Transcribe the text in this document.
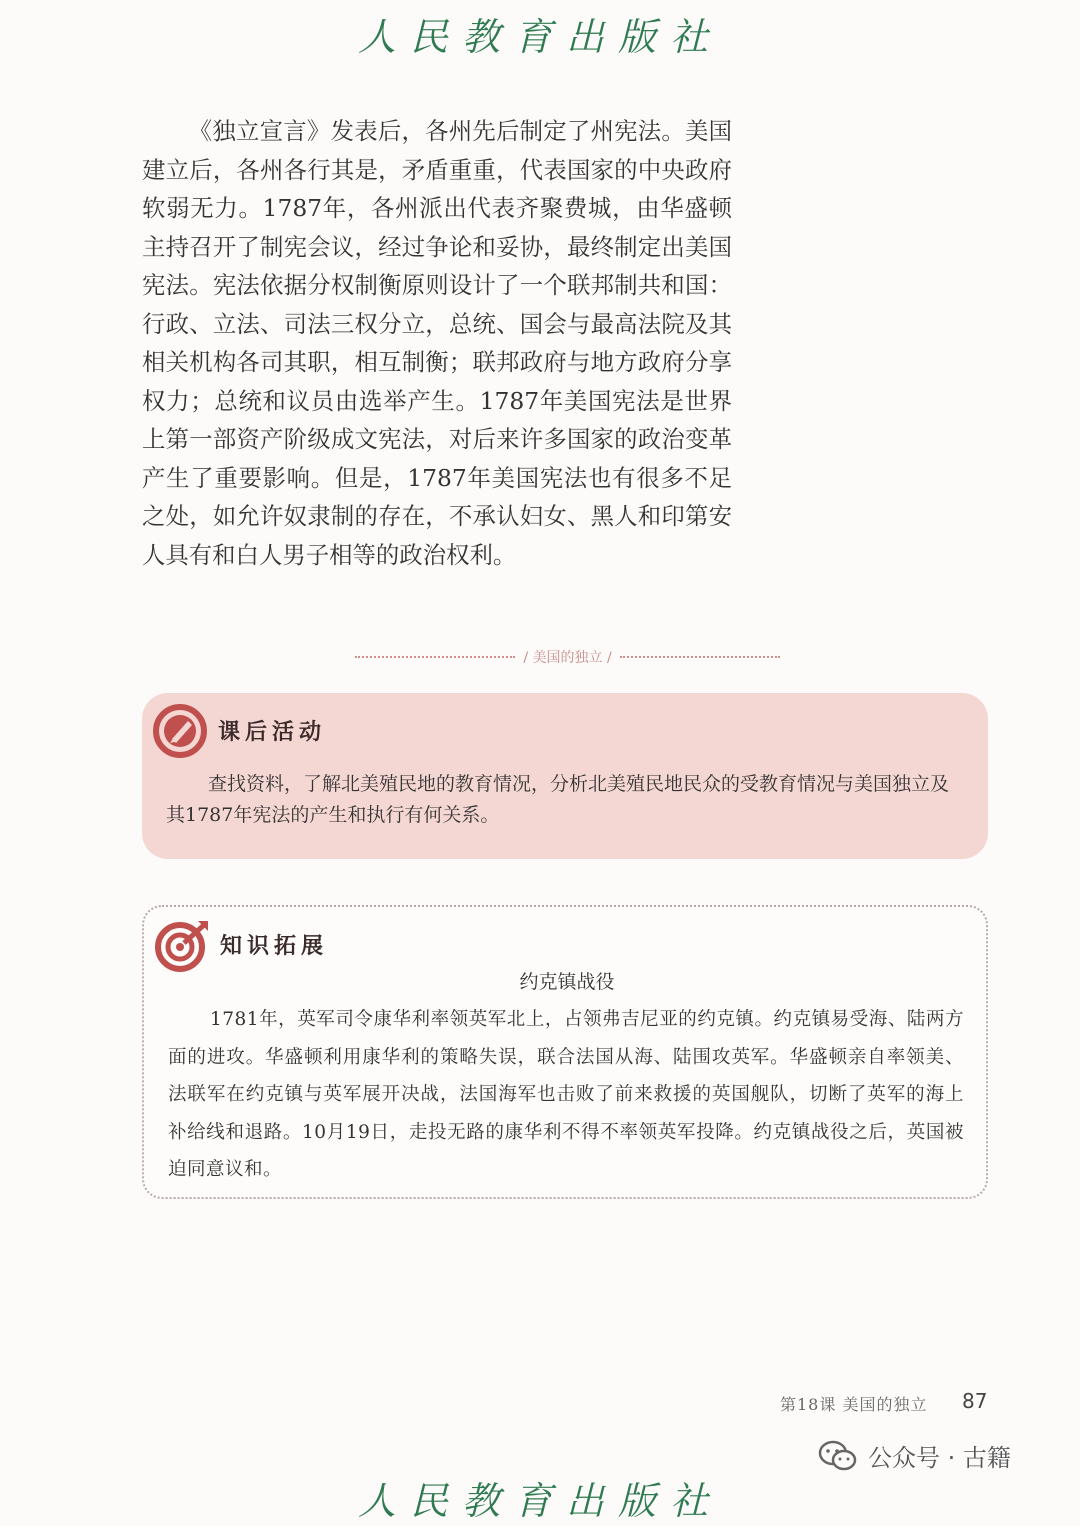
人民教育出版社

《独立宣言》发表后，各州先后制定了州宪法。美国建立后，各州各行其是，矛盾重重，代表国家的中央政府软弱无力。1787年，各州派出代表齐聚费城，由华盛顿主持召开了制宪会议，经过争论和妥协，最终制定出美国宪法。宪法依据分权制衡原则设计了一个联邦制共和国：行政、立法、司法三权分立，总统、国会与最高法院及其相关机构各司其职，相互制衡；联邦政府与地方政府分享权力；总统和议员由选举产生。1787年美国宪法是世界上第一部资产阶级成文宪法，对后来许多国家的政治变革产生了重要影响。但是，1787年美国宪法也有很多不足之处，如允许奴隶制的存在，不承认妇女、黑人和印第安人具有和白人男子相等的政治权利。

/ 美国的独立 /
课后活动
查找资料，了解北美殖民地的教育情况，分析北美殖民地民众的受教育情况与美国独立及其1787年宪法的产生和执行有何关系。
知识拓展
约克镇战役
1781年，英军司令康华利率领英军北上，占领弗吉尼亚的约克镇。约克镇易受海、陆两方面的进攻。华盛顿利用康华利的策略失误，联合法国从海、陆围攻英军。华盛顿亲自率领美、法联军在约克镇与英军展开决战，法国海军也击败了前来救援的英国舰队，切断了英军的海上补给线和退路。10月19日，走投无路的康华利不得不率领英军投降。约克镇战役之后，英国被迫同意议和。
第18课 美国的独立 87
人民教育出版社
公众号 · 古籍
